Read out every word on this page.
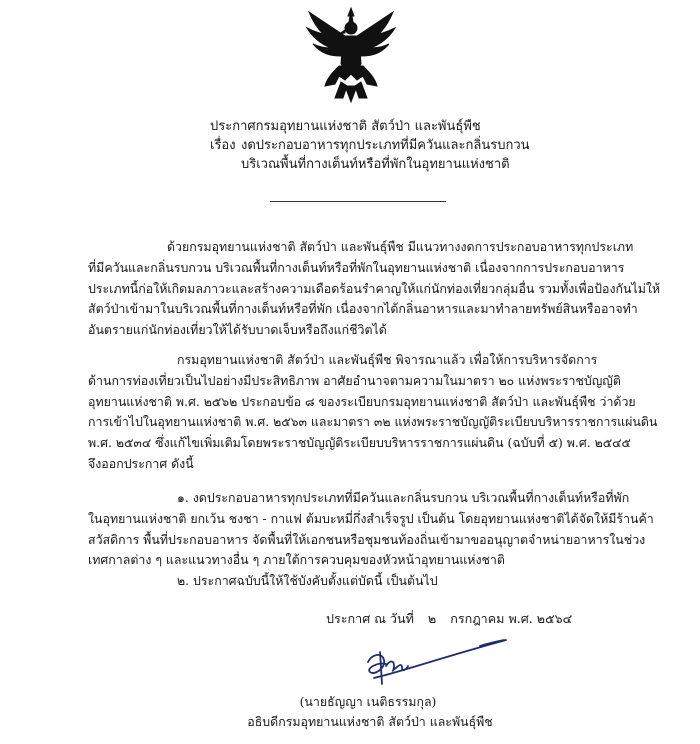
ประกาศกรมอุทยานแห่งชาติ สัตว์ป่า และพันธุ์พืช
เรื่อง งดประกอบอาหารทุกประเภทที่มีควันและกลิ่นรบกวน
บริเวณพื้นที่กางเต็นท์หรือที่พักในอุทยานแห่งชาติ
ด้วยกรมอุทยานแห่งชาติ สัตว์ป่า และพันธุ์พืช มีแนวทางงดการประกอบอาหารทุกประเภท
ที่มีควันและกลิ่นรบกวน บริเวณพื้นที่กางเต็นท์หรือที่พักในอุทยานแห่งชาติ เนื่องจากการประกอบอาหาร
ประเภทนี้ก่อให้เกิดมลภาวะและสร้างความเดือดร้อนรำคาญให้แก่นักท่องเที่ยวกลุ่มอื่น รวมทั้งเพื่อป้องกันไม่ให้
สัตว์ป่าเข้ามาในบริเวณพื้นที่กางเต็นท์หรือที่พัก เนื่องจากได้กลิ่นอาหารและมาทำลายทรัพย์สินหรืออาจทำ
อันตรายแก่นักท่องเที่ยวให้ได้รับบาดเจ็บหรือถึงแก่ชีวิตได้
กรมอุทยานแห่งชาติ สัตว์ป่า และพันธุ์พืช พิจารณาแล้ว เพื่อให้การบริหารจัดการ
ด้านการท่องเที่ยวเป็นไปอย่างมีประสิทธิภาพ อาศัยอำนาจตามความในมาตรา ๒๐ แห่งพระราชบัญญัติ
อุทยานแห่งชาติ พ.ศ. ๒๕๖๒ ประกอบข้อ ๘ ของระเบียบกรมอุทยานแห่งชาติ สัตว์ป่า และพันธุ์พืช ว่าด้วย
การเข้าไปในอุทยานแห่งชาติ พ.ศ. ๒๕๖๓ และมาตรา ๓๒ แห่งพระราชบัญญัติระเบียบบริหารราชการแผ่นดิน
พ.ศ. ๒๕๓๔ ซึ่งแก้ไขเพิ่มเติมโดยพระราชบัญญัติระเบียบบริหารราชการแผ่นดิน (ฉบับที่ ๕) พ.ศ. ๒๕๔๕
จึงออกประกาศ ดังนี้
๑. งดประกอบอาหารทุกประเภทที่มีควันและกลิ่นรบกวน บริเวณพื้นที่กางเต็นท์หรือที่พัก
ในอุทยานแห่งชาติ ยกเว้น ชงชา - กาแฟ ต้มบะหมี่กึ่งสำเร็จรูป เป็นต้น โดยอุทยานแห่งชาติได้จัดให้มีร้านค้า
สวัสดิการ พื้นที่ประกอบอาหาร จัดพื้นที่ให้เอกชนหรือชุมชนท้องถิ่นเข้ามาขออนุญาตจำหน่ายอาหารในช่วง
เทศกาลต่าง ๆ และแนวทางอื่น ๆ ภายใต้การควบคุมของหัวหน้าอุทยานแห่งชาติ
๒. ประกาศฉบับนี้ให้ใช้บังคับตั้งแต่บัดนี้ เป็นต้นไป
ประกาศ ณ วันที่ ๒ กรกฎาคม พ.ศ. ๒๕๖๔
(นายธัญญา เนติธรรมกุล)
อธิบดีกรมอุทยานแห่งชาติ สัตว์ป่า และพันธุ์พืช
